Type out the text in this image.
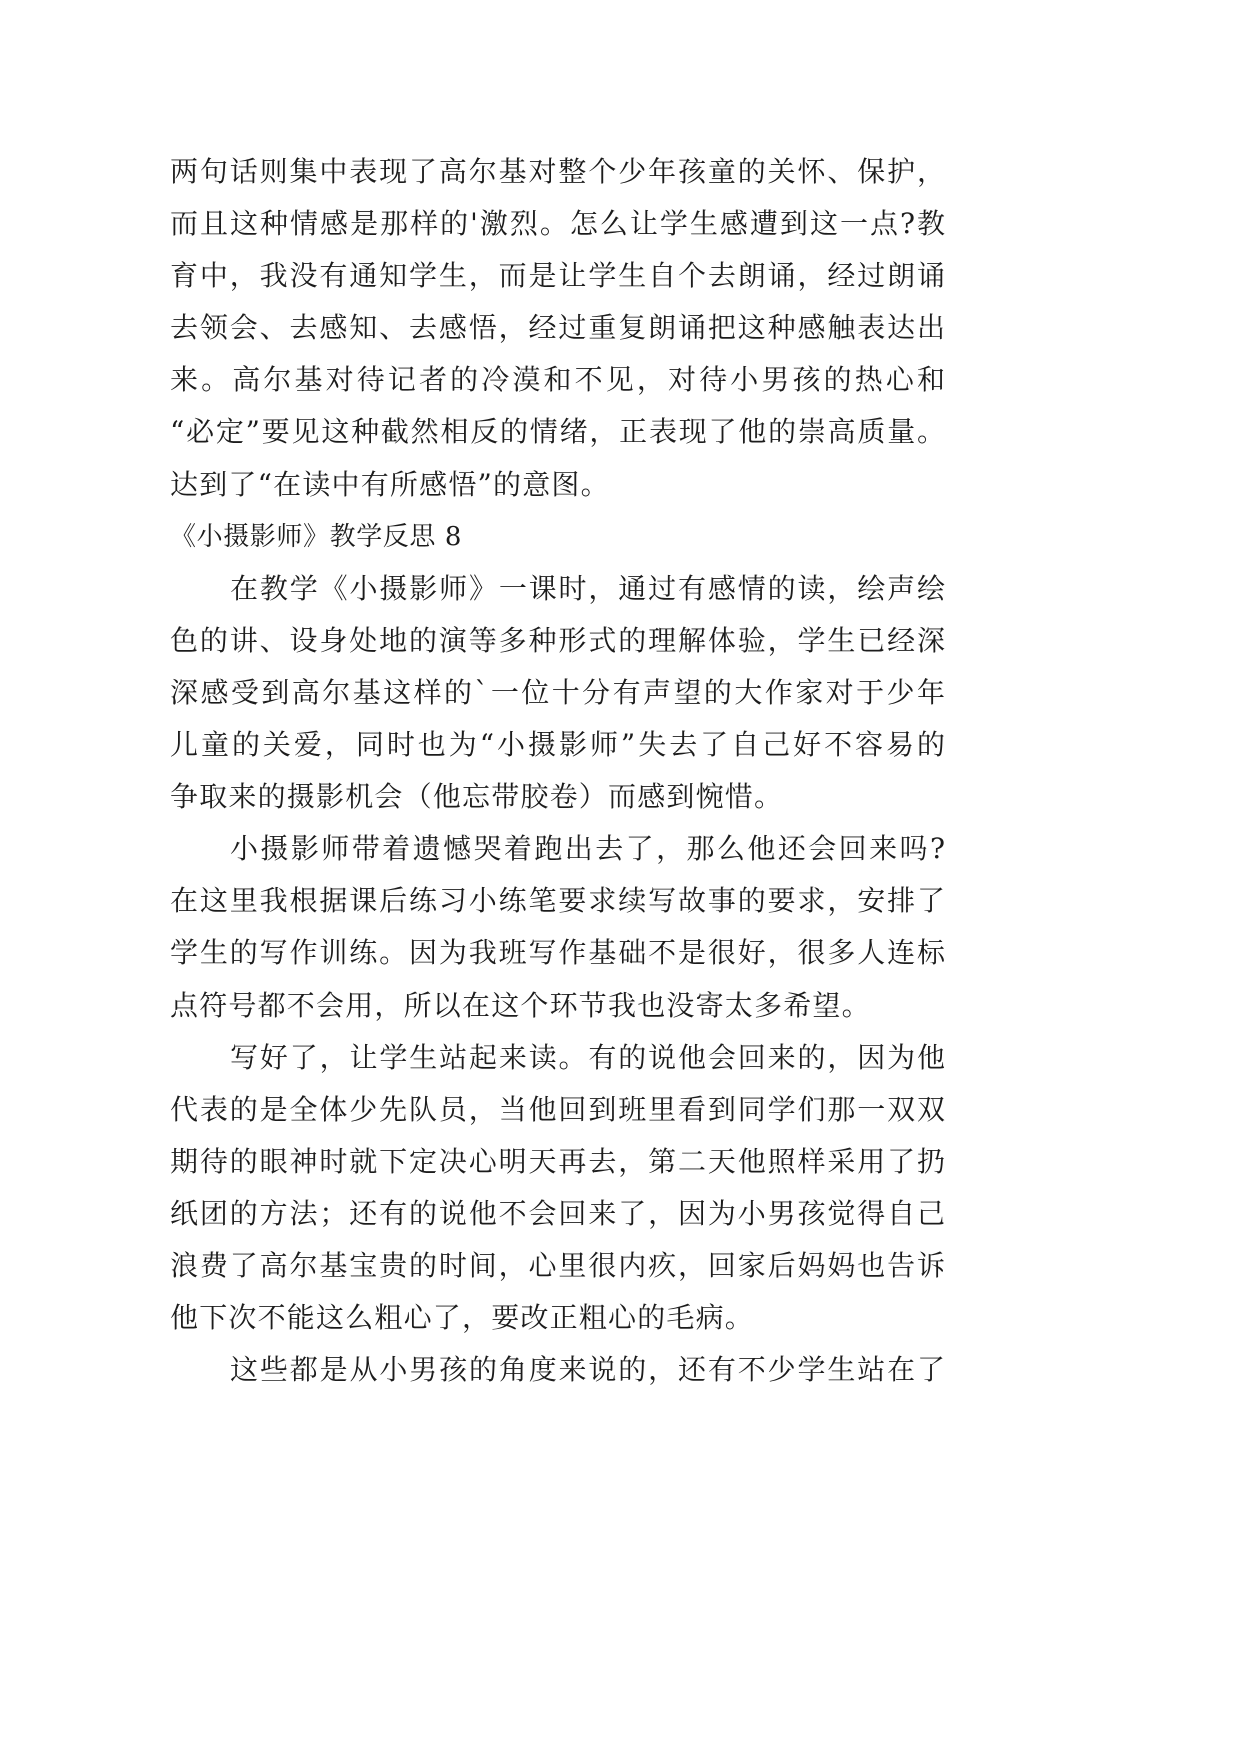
两句话则集中表现了高尔基对整个少年孩童的关怀、保护，
而且这种情感是那样的'激烈。怎么让学生感遭到这一点?教
育中，我没有通知学生，而是让学生自个去朗诵，经过朗诵
去领会、去感知、去感悟，经过重复朗诵把这种感触表达出
来。高尔基对待记者的冷漠和不见，对待小男孩的热心和
“必定”要见这种截然相反的情绪，正表现了他的崇高质量。
达到了“在读中有所感悟”的意图。
《小摄影师》教学反思 8
在教学《小摄影师》一课时，通过有感情的读，绘声绘
色的讲、设身处地的演等多种形式的理解体验，学生已经深
深感受到高尔基这样的`一位十分有声望的大作家对于少年
儿童的关爱，同时也为“小摄影师”失去了自己好不容易的
争取来的摄影机会（他忘带胶卷）而感到惋惜。
小摄影师带着遗憾哭着跑出去了，那么他还会回来吗?
在这里我根据课后练习小练笔要求续写故事的要求，安排了
学生的写作训练。因为我班写作基础不是很好，很多人连标
点符号都不会用，所以在这个环节我也没寄太多希望。
写好了，让学生站起来读。有的说他会回来的，因为他
代表的是全体少先队员，当他回到班里看到同学们那一双双
期待的眼神时就下定决心明天再去，第二天他照样采用了扔
纸团的方法；还有的说他不会回来了，因为小男孩觉得自己
浪费了高尔基宝贵的时间，心里很内疚，回家后妈妈也告诉
他下次不能这么粗心了，要改正粗心的毛病。
这些都是从小男孩的角度来说的，还有不少学生站在了
